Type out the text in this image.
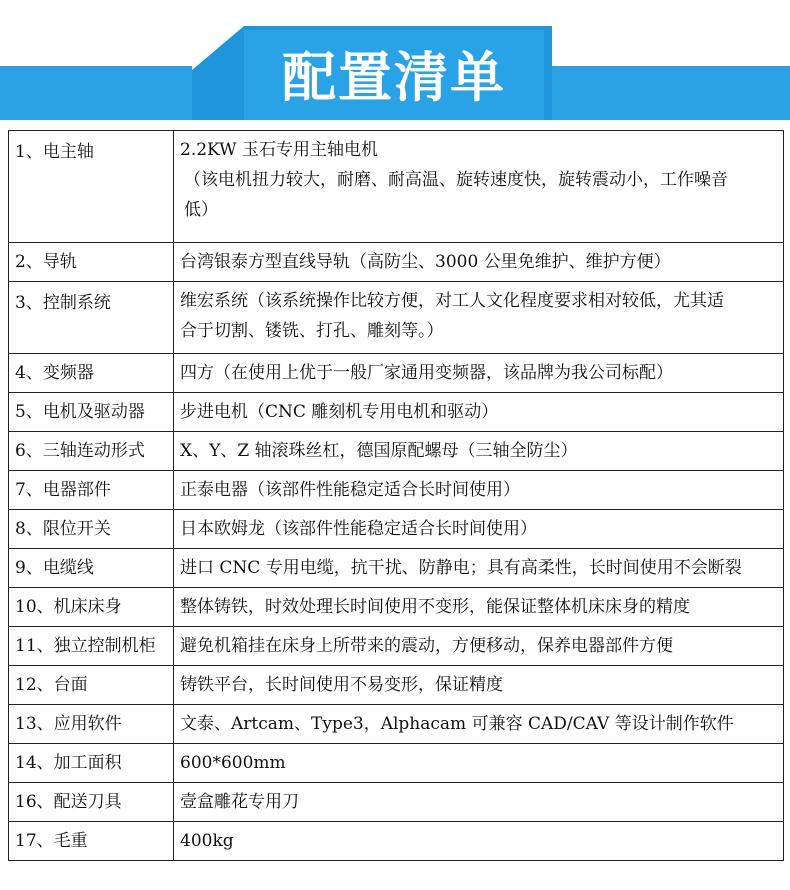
配置清单
1、电主轴	2.2KW 玉石专用主轴电机
（该电机扭力较大，耐磨、耐高温、旋转速度快，旋转震动小，工作噪音
低）

2、导轨	台湾银泰方型直线导轨（高防尘、3000 公里免维护、维护方便）

3、控制系统	维宏系统（该系统操作比较方便，对工人文化程度要求相对较低，尤其适
合于切割、镂铣、打孔、雕刻等。）

4、变频器	四方（在使用上优于一般厂家通用变频器，该品牌为我公司标配）

5、电机及驱动器	步进电机（CNC 雕刻机专用电机和驱动）

6、三轴连动形式	X、Y、Z 轴滚珠丝杠，德国原配螺母（三轴全防尘）

7、电器部件	正泰电器（该部件性能稳定适合长时间使用）

8、限位开关	日本欧姆龙（该部件性能稳定适合长时间使用）

9、电缆线	进口 CNC 专用电缆，抗干扰、防静电；具有高柔性，长时间使用不会断裂

10、机床床身	整体铸铁，时效处理长时间使用不变形，能保证整体机床床身的精度

11、独立控制机柜	避免机箱挂在床身上所带来的震动，方便移动，保养电器部件方便

12、台面	铸铁平台，长时间使用不易变形，保证精度

13、应用软件	文泰、Artcam、Type3，Alphacam 可兼容 CAD/CAV 等设计制作软件

14、加工面积	600*600mm

16、配送刀具	壹盒雕花专用刀

17、毛重	400kg
